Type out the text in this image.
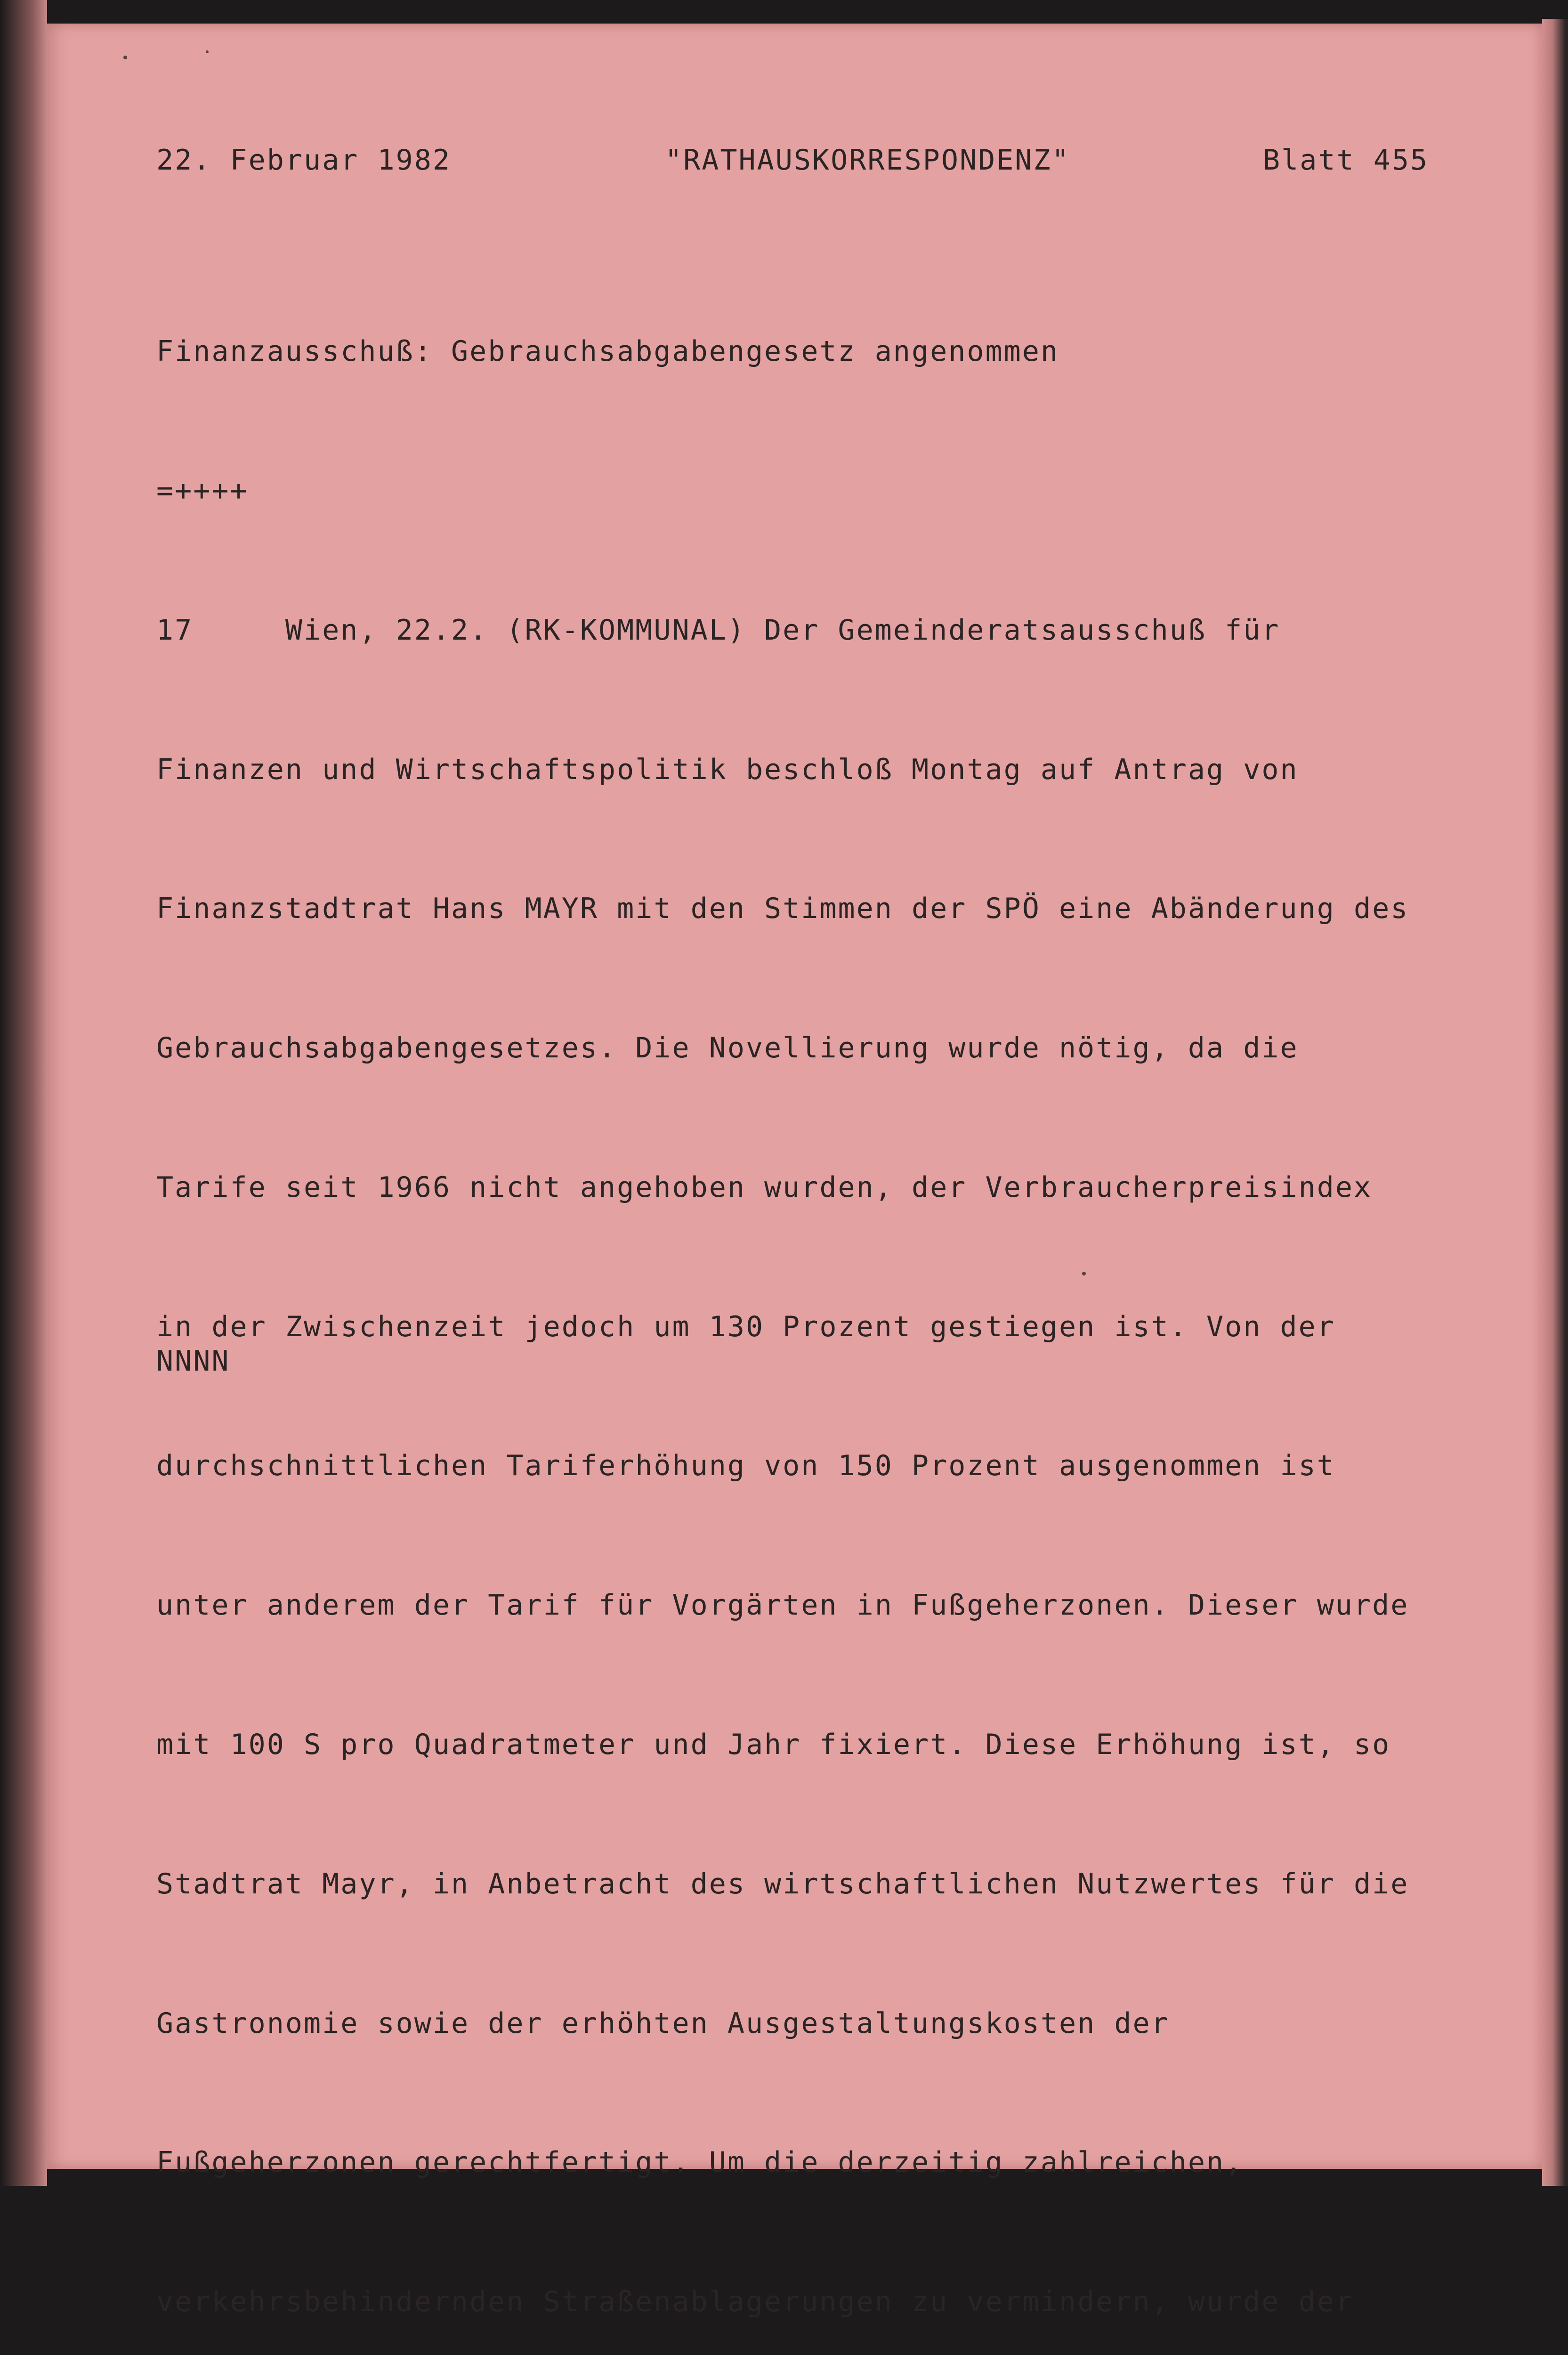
22. Februar 1982

	"RATHAUSKORRESPONDENZ"

	Blatt 455

Finanzausschuß: Gebrauchsabgabengesetz angenommen

=++++

17     Wien, 22.2. (RK-KOMMUNAL) Der Gemeinderatsausschuß für

Finanzen und Wirtschaftspolitik beschloß Montag auf Antrag von

Finanzstadtrat Hans MAYR mit den Stimmen der SPÖ eine Abänderung des

Gebrauchsabgabengesetzes. Die Novellierung wurde nötig, da die

Tarife seit 1966 nicht angehoben wurden, der Verbraucherpreisindex

in der Zwischenzeit jedoch um 130 Prozent gestiegen ist. Von der

durchschnittlichen Tariferhöhung von 150 Prozent ausgenommen ist

unter anderem der Tarif für Vorgärten in Fußgeherzonen. Dieser wurde

mit 100 S pro Quadratmeter und Jahr fixiert. Diese Erhöhung ist, so

Stadtrat Mayr, in Anbetracht des wirtschaftlichen Nutzwertes für die

Gastronomie sowie der erhöhten Ausgestaltungskosten der

Fußgeherzonen gerechtfertigt. Um die derzeitig zahlreichen,

verkehrsbehindernden Straßenablagerungen zu vermindern, wurde der

NNNN
